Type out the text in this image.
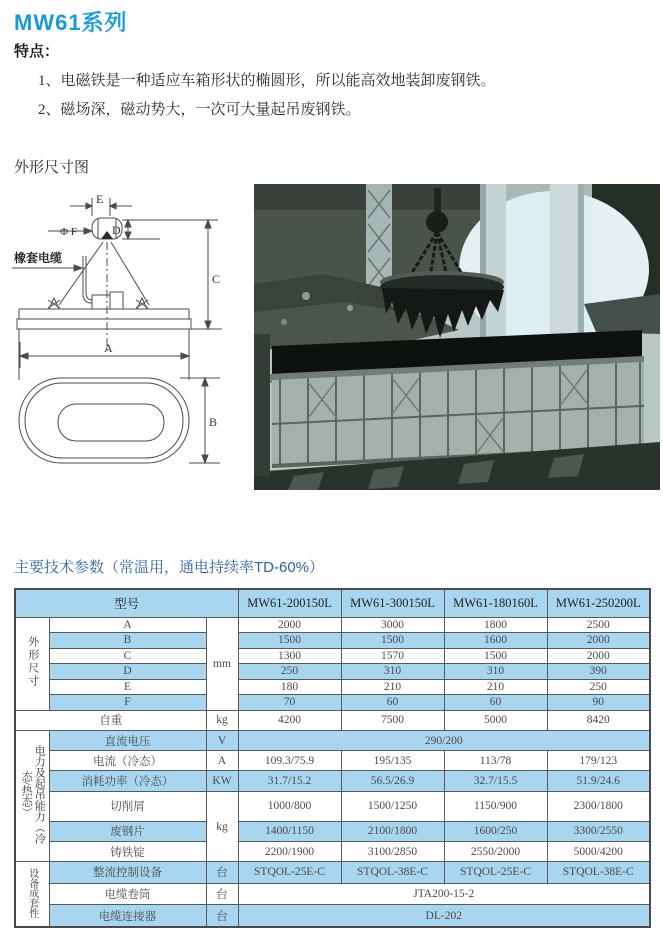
MW61系列
特点：
1、电磁铁是一种适应车箱形状的椭圆形，所以能高效地装卸废钢铁。
2、磁场深，磁动势大，一次可大量起吊废钢铁。
外形尺寸图
E
Φ F	D
C
A
B
橡套电缆
主要技术参数（常温用，通电持续率TD-60%）
型号			MW61-200150L	MW61-300150L	MW61-180160L	MW61-250200L
外形尺寸	A	mm	2000	3000	1800	2500
	B		1500	1500	1600	2000
	C		1300	1570	1500	2000
	D		250	310	310	390
	E		180	210	210	250
	F		70	60	60	90
自重		kg	4200	7500	5000	8420
电力及起吊能力（冷态/热态）	直流电压	V	290/200			
	电流（冷态）	A	109.3/75.9	195/135	113/78	179/123
	消耗功率（冷态）	KW	31.7/15.2	56.5/26.9	32.7/15.5	51.9/24.6
	切削屑	kg	1000/800	1500/1250	1150/900	2300/1800
	废钢片		1400/1150	2100/1800	1600/250	3300/2550
	铸铁锭		2200/1900	3100/2850	2550/2000	5000/4200
设备成套性	整流控制设备	台	STQOL-25E-C	STQOL-38E-C	STQOL-25E-C	STQOL-38E-C
	电缆卷筒	台	JTA200-15-2			
	电缆连接器	台	DL-202			
